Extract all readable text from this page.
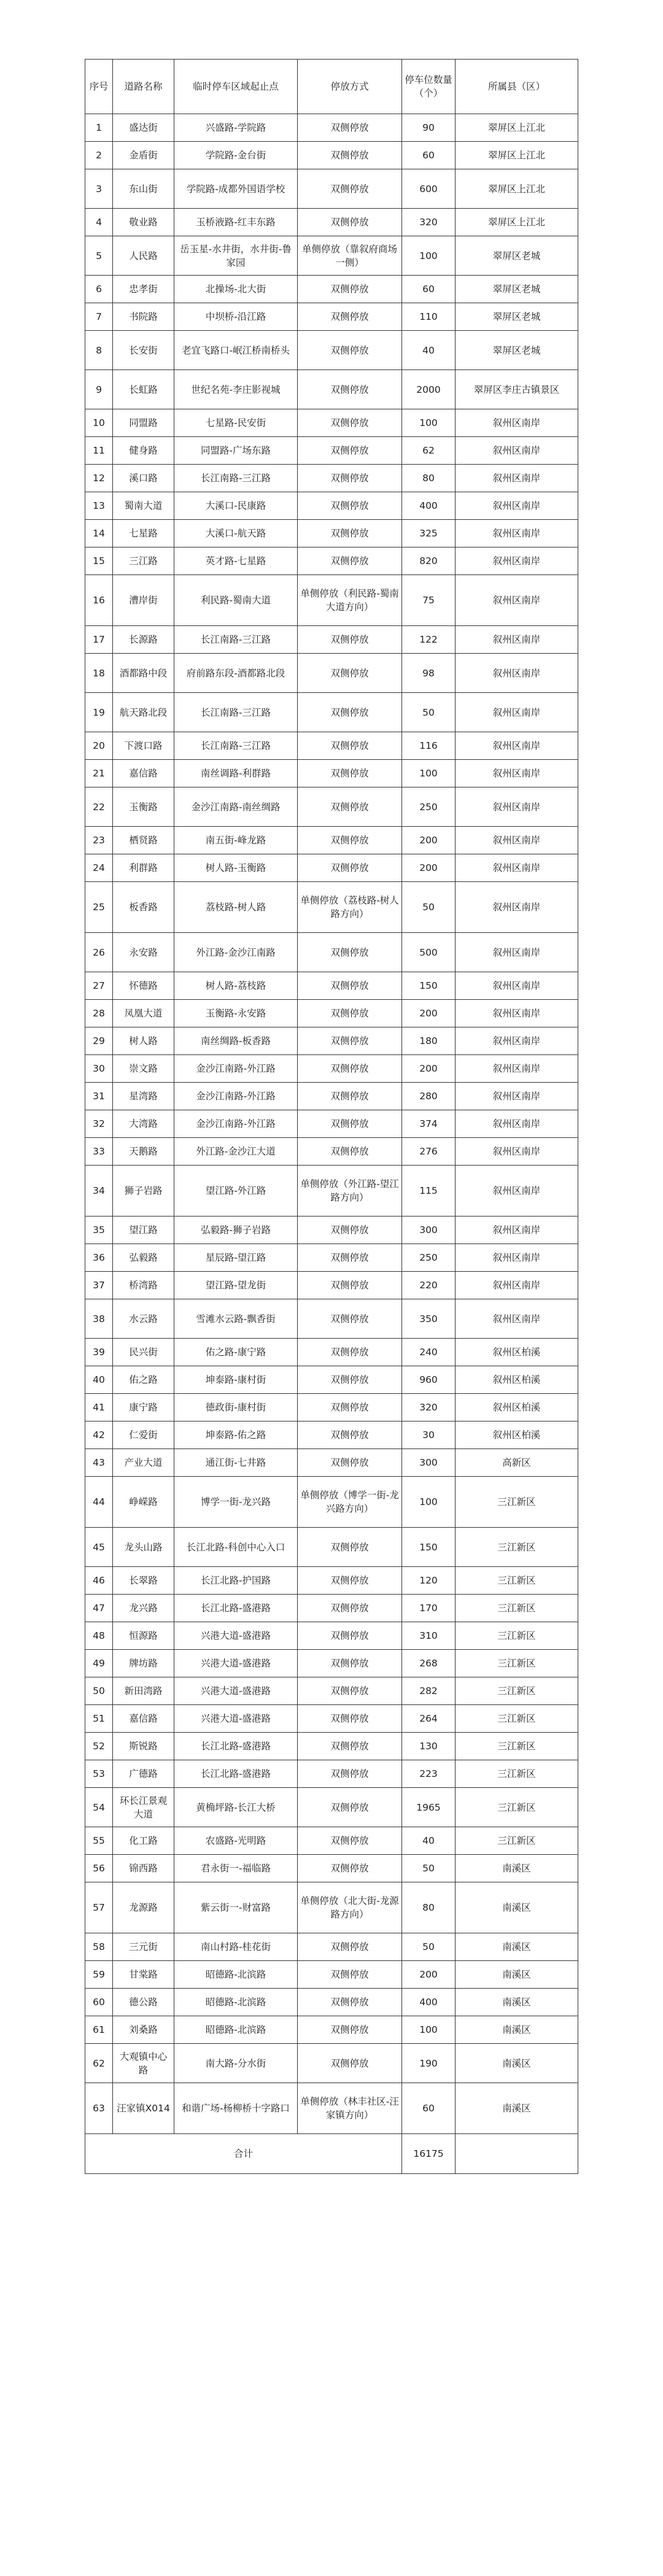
序号	道路名称	临时停车区域起止点	停放方式	停车位数量（个）	所属县（区）
1	盛达街	兴盛路-学院路	双侧停放	90	翠屏区上江北
2	金盾街	学院路-金台街	双侧停放	60	翠屏区上江北
3	东山街	学院路-成都外国语学校	双侧停放	600	翠屏区上江北
4	敬业路	玉桥液路-红丰东路	双侧停放	320	翠屏区上江北
5	人民路	岳玉星-水井街，水井街-鲁家园	单侧停放（靠叙府商场一侧）	100	翠屏区老城
6	忠孝街	北操场-北大街	双侧停放	60	翠屏区老城
7	书院路	中坝桥-沿江路	双侧停放	110	翠屏区老城
8	长安街	老宜飞路口-岷江桥南桥头	双侧停放	40	翠屏区老城
9	长虹路	世纪名苑-李庄影视城	双侧停放	2000	翠屏区李庄古镇景区
10	同盟路	七星路-民安街	双侧停放	100	叙州区南岸
11	健身路	同盟路-广场东路	双侧停放	62	叙州区南岸
12	溪口路	长江南路-三江路	双侧停放	80	叙州区南岸
13	蜀南大道	大溪口-民康路	双侧停放	400	叙州区南岸
14	七星路	大溪口-航天路	双侧停放	325	叙州区南岸
15	三江路	英才路-七星路	双侧停放	820	叙州区南岸
16	漕岸街	利民路-蜀南大道	单侧停放（利民路-蜀南大道方向）	75	叙州区南岸
17	长源路	长江南路-三江路	双侧停放	122	叙州区南岸
18	酒都路中段	府前路东段-酒都路北段	双侧停放	98	叙州区南岸
19	航天路北段	长江南路-三江路	双侧停放	50	叙州区南岸
20	下渡口路	长江南路-三江路	双侧停放	116	叙州区南岸
21	嘉信路	南丝调路-利群路	双侧停放	100	叙州区南岸
22	玉衡路	金沙江南路-南丝绸路	双侧停放	250	叙州区南岸
23	栖贤路	南五街-峰龙路	双侧停放	200	叙州区南岸
24	利群路	树人路-玉衡路	双侧停放	200	叙州区南岸
25	板香路	荔枝路-树人路	单侧停放（荔枝路-树人路方向）	50	叙州区南岸
26	永安路	外江路-金沙江南路	双侧停放	500	叙州区南岸
27	怀德路	树人路-荔枝路	双侧停放	150	叙州区南岸
28	凤凰大道	玉衡路-永安路	双侧停放	200	叙州区南岸
29	树人路	南丝绸路-板香路	双侧停放	180	叙州区南岸
30	崇文路	金沙江南路-外江路	双侧停放	200	叙州区南岸
31	星湾路	金沙江南路-外江路	双侧停放	280	叙州区南岸
32	大湾路	金沙江南路-外江路	双侧停放	374	叙州区南岸
33	天鹅路	外江路-金沙江大道	双侧停放	276	叙州区南岸
34	狮子岩路	望江路-外江路	单侧停放（外江路-望江路方向）	115	叙州区南岸
35	望江路	弘毅路-狮子岩路	双侧停放	300	叙州区南岸
36	弘毅路	星辰路-望江路	双侧停放	250	叙州区南岸
37	桥湾路	望江路-望龙街	双侧停放	220	叙州区南岸
38	水云路	雪滩水云路-飘香街	双侧停放	350	叙州区南岸
39	民兴街	佑之路-康宁路	双侧停放	240	叙州区柏溪
40	佑之路	坤泰路-康村街	双侧停放	960	叙州区柏溪
41	康宁路	德政街-康村街	双侧停放	320	叙州区柏溪
42	仁爱街	坤泰路-佑之路	双侧停放	30	叙州区柏溪
43	产业大道	通江街-七井路	双侧停放	300	高新区
44	峥嵘路	博学一街-龙兴路	单侧停放（博学一街-龙兴路方向）	100	三江新区
45	龙头山路	长江北路-科创中心入口	双侧停放	150	三江新区
46	长翠路	长江北路-护国路	双侧停放	120	三江新区
47	龙兴路	长江北路-盛港路	双侧停放	170	三江新区
48	恒源路	兴港大道-盛港路	双侧停放	310	三江新区
49	牌坊路	兴港大道-盛港路	双侧停放	268	三江新区
50	新田湾路	兴港大道-盛港路	双侧停放	282	三江新区
51	嘉信路	兴港大道-盛港路	双侧停放	264	三江新区
52	斯锐路	长江北路-盛港路	双侧停放	130	三江新区
53	广德路	长江北路-盛港路	双侧停放	223	三江新区
54	环长江景观大道	黄桷坪路-长江大桥	双侧停放	1965	三江新区
55	化工路	农盛路-光明路	双侧停放	40	三江新区
56	锦西路	君永街一-福临路	双侧停放	50	南溪区
57	龙源路	紫云街一-财富路	单侧停放（北大街-龙源路方向）	80	南溪区
58	三元街	南山村路-桂花街	双侧停放	50	南溪区
59	甘棠路	昭德路-北滨路	双侧停放	200	南溪区
60	德公路	昭德路-北滨路	双侧停放	400	南溪区
61	刘桑路	昭德路-北滨路	双侧停放	100	南溪区
62	大观镇中心路	南大路-分水街	双侧停放	190	南溪区
63	汪家镇X014	和谐广场-杨柳桥十字路口	单侧停放（林丰社区-汪家镇方向）	60	南溪区
合计				16175	
